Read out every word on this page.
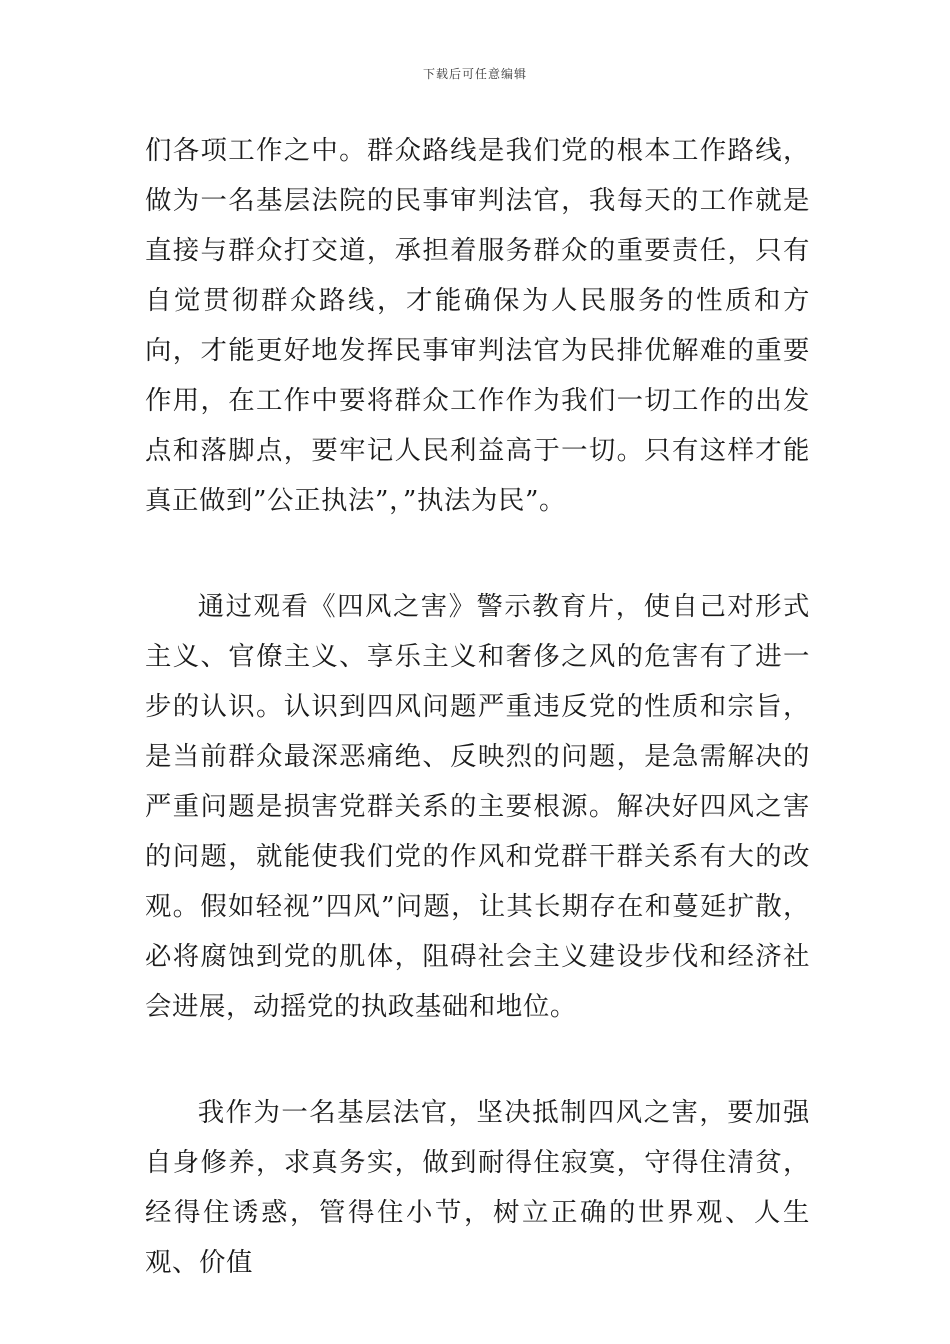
下载后可任意编辑

们各项工作之中。群众路线是我们党的根本工作路线，做为一名基层法院的民事审判法官，我每天的工作就是直接与群众打交道，承担着服务群众的重要责任，只有自觉贯彻群众路线，才能确保为人民服务的性质和方向，才能更好地发挥民事审判法官为民排优解难的重要作用，在工作中要将群众工作作为我们一切工作的出发点和落脚点，要牢记人民利益高于一切。只有这样才能真正做到”公正执法”，”执法为民”。

通过观看《四风之害》警示教育片，使自己对形式主义、官僚主义、享乐主义和奢侈之风的危害有了进一步的认识。认识到四风问题严重违反党的性质和宗旨，是当前群众最深恶痛绝、反映烈的问题，是急需解决的严重问题是损害党群关系的主要根源。解决好四风之害的问题，就能使我们党的作风和党群干群关系有大的改观。假如轻视”四风”问题，让其长期存在和蔓延扩散，必将腐蚀到党的肌体，阻碍社会主义建设步伐和经济社会进展，动摇党的执政基础和地位。

我作为一名基层法官，坚决抵制四风之害，要加强自身修养，求真务实，做到耐得住寂寞，守得住清贫，经得住诱惑，管得住小节，树立正确的世界观、人生观、价值
